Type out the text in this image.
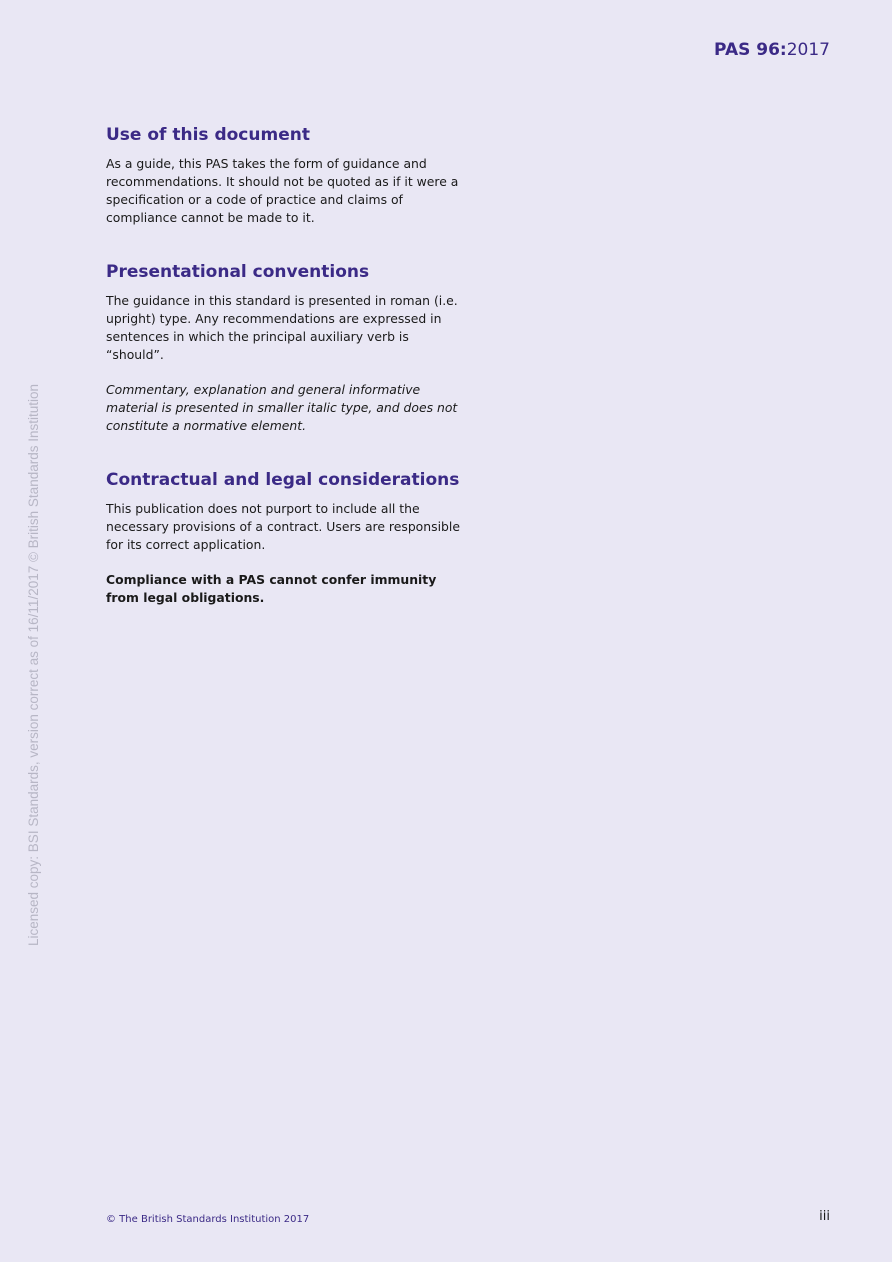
PAS 96:2017
Licensed copy: BSI Standards, version correct as of 16/11/2017 © British Standards Institution
Use of this document

As a guide, this PAS takes the form of guidance and recommendations. It should not be quoted as if it were a specification or a code of practice and claims of compliance cannot be made to it.

Presentational conventions

The guidance in this standard is presented in roman (i.e. upright) type. Any recommendations are expressed in sentences in which the principal auxiliary verb is “should”.

Commentary, explanation and general informative material is presented in smaller italic type, and does not constitute a normative element.

Contractual and legal considerations

This publication does not purport to include all the necessary provisions of a contract. Users are responsible for its correct application.

Compliance with a PAS cannot confer immunity from legal obligations.

© The British Standards Institution 2017	iii
